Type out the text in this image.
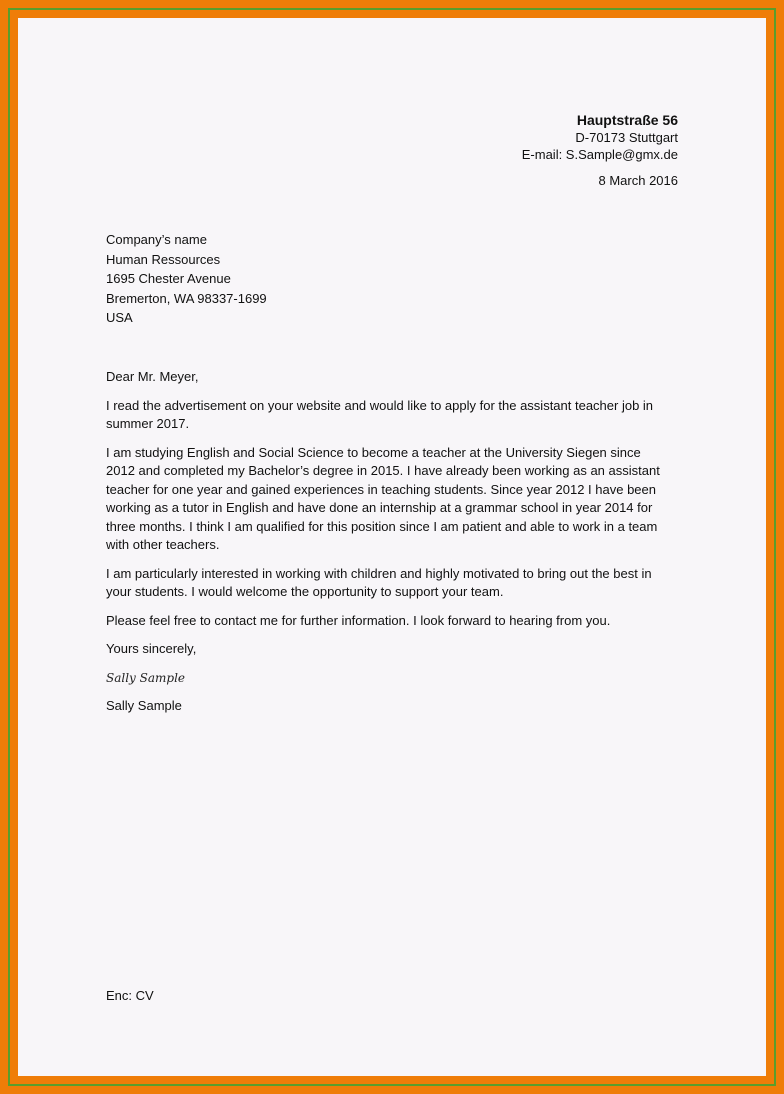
Hauptstraße 56
D-70173 Stuttgart
E-mail: S.Sample@gmx.de
8 March 2016
Company’s name
Human Ressources
1695 Chester Avenue
Bremerton, WA 98337-1699
USA

Dear Mr. Meyer,

I read the advertisement on your website and would like to apply for the assistant teacher job in summer 2017.

I am studying English and Social Science to become a teacher at the University Siegen since 2012 and completed my Bachelor’s degree in 2015. I have already been working as an assistant teacher for one year and gained experiences in teaching students. Since year 2012 I have been working as a tutor in English and have done an internship at a grammar school in year 2014 for three months. I think I am qualified for this position since I am patient and able to work in a team with other teachers.

I am particularly interested in working with children and highly motivated to bring out the best in your students. I would welcome the opportunity to support your team.

Please feel free to contact me for further information. I look forward to hearing from you.

Yours sincerely,

Sally Sample
Sally Sample
Enc: CV
